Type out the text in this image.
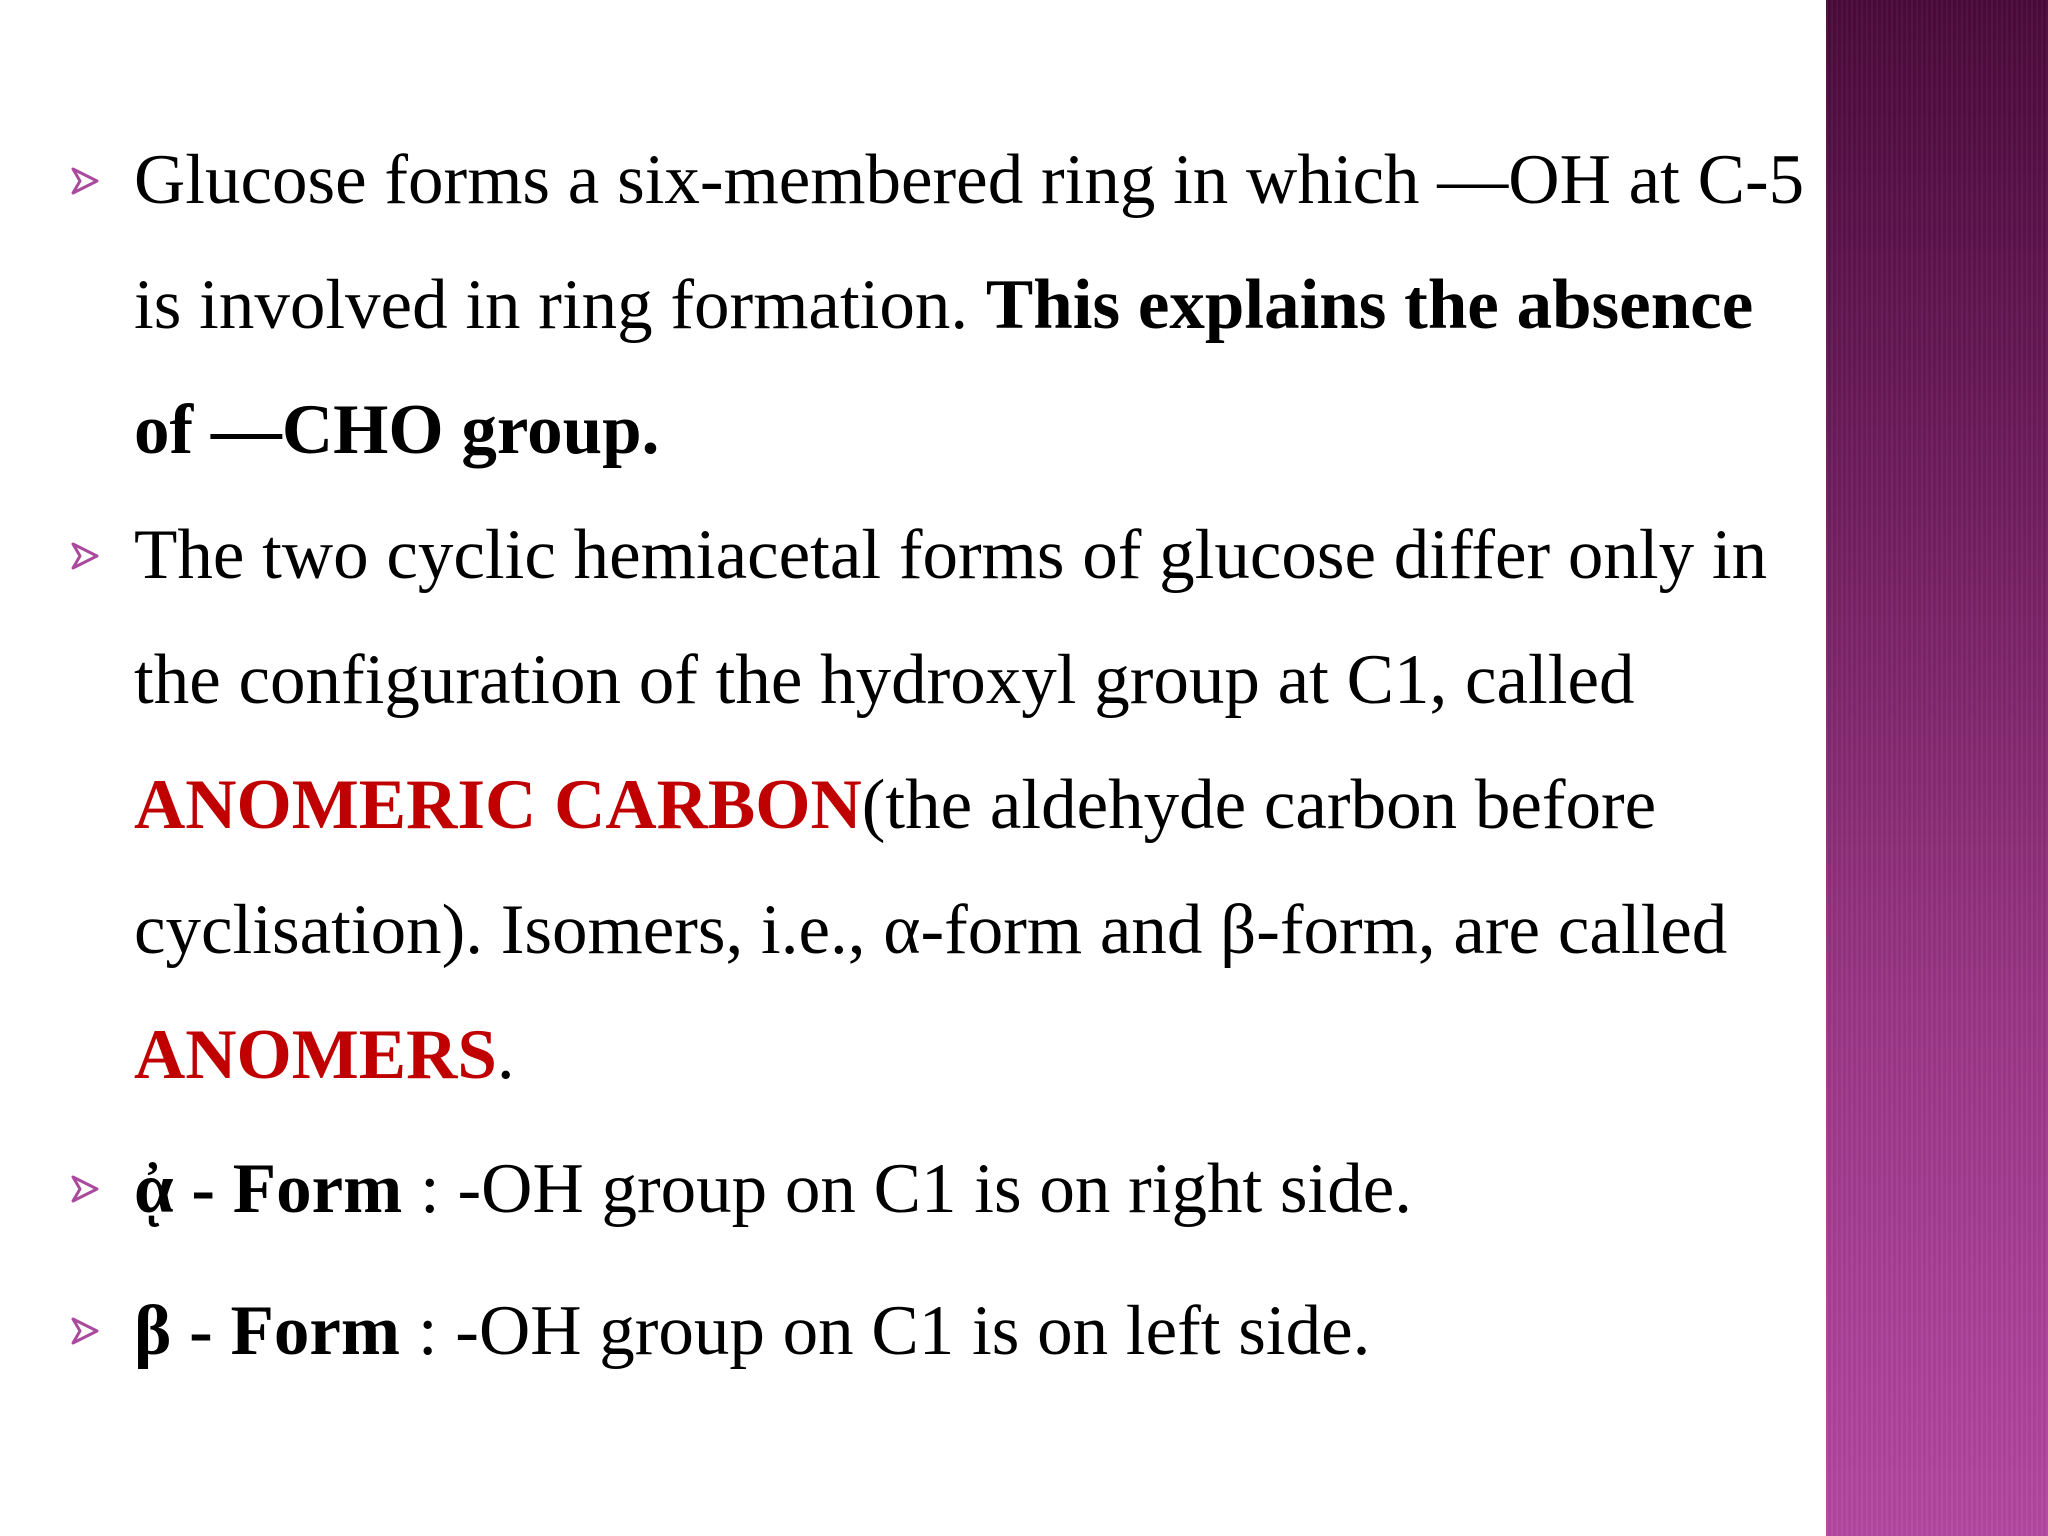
Glucose forms a six-membered ring in which —OH at C-5 is involved in ring formation. This explains the absence of —CHO group.
The two cyclic hemiacetal forms of glucose differ only in the configuration of the hydroxyl group at C1, called ANOMERIC CARBON(the aldehyde carbon before cyclisation). Isomers, i.e., α-form and β-form, are called ANOMERS.
ᾀ - Form : -OH group on C1 is on right side.
β - Form : -OH group on C1 is on left side.
